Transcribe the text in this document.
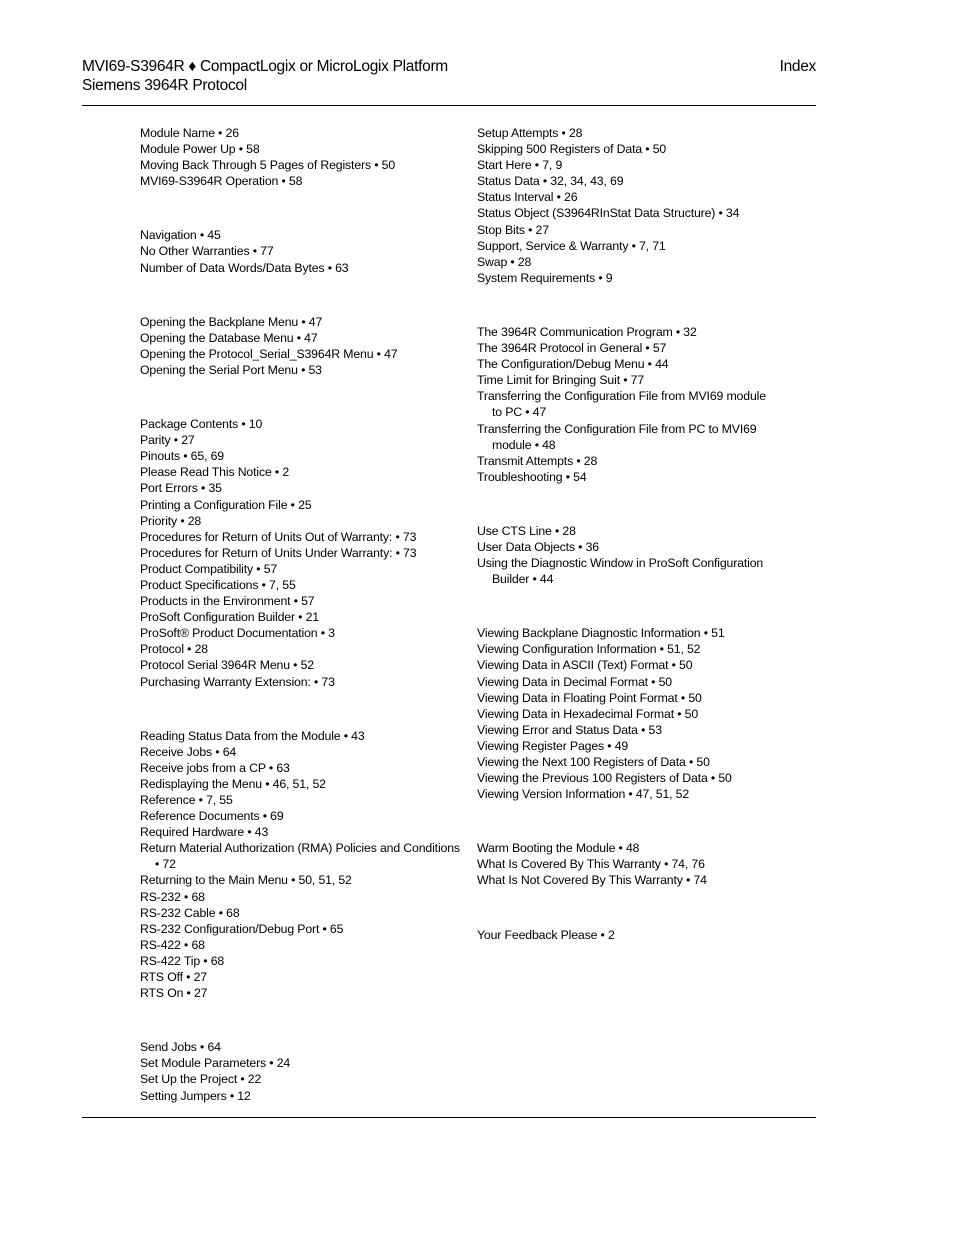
MVI69-S3964R ♦ CompactLogix or MicroLogix Platform
Siemens 3964R Protocol
Index
Module Name • 26
Module Power Up • 58
Moving Back Through 5 Pages of Registers • 50
MVI69-S3964R Operation • 58
Navigation • 45
No Other Warranties • 77
Number of Data Words/Data Bytes • 63
Opening the Backplane Menu • 47
Opening the Database Menu • 47
Opening the Protocol_Serial_S3964R Menu • 47
Opening the Serial Port Menu • 53
Package Contents • 10
Parity • 27
Pinouts • 65, 69
Please Read This Notice • 2
Port Errors • 35
Printing a Configuration File • 25
Priority • 28
Procedures for Return of Units Out of Warranty: • 73
Procedures for Return of Units Under Warranty: • 73
Product Compatibility • 57
Product Specifications • 7, 55
Products in the Environment • 57
ProSoft Configuration Builder • 21
ProSoft® Product Documentation • 3
Protocol • 28
Protocol Serial 3964R Menu • 52
Purchasing Warranty Extension: • 73
Reading Status Data from the Module • 43
Receive Jobs • 64
Receive jobs from a CP • 63
Redisplaying the Menu • 46, 51, 52
Reference • 7, 55
Reference Documents • 69
Required Hardware • 43
Return Material Authorization (RMA) Policies and Conditions • 72
Returning to the Main Menu • 50, 51, 52
RS-232 • 68
RS-232 Cable • 68
RS-232 Configuration/Debug Port • 65
RS-422 • 68
RS-422 Tip • 68
RTS Off • 27
RTS On • 27
Send Jobs • 64
Set Module Parameters • 24
Set Up the Project • 22
Setting Jumpers • 12
Setup Attempts • 28
Skipping 500 Registers of Data • 50
Start Here • 7, 9
Status Data • 32, 34, 43, 69
Status Interval • 26
Status Object (S3964RInStat Data Structure) • 34
Stop Bits • 27
Support, Service & Warranty • 7, 71
Swap • 28
System Requirements • 9
The 3964R Communication Program • 32
The 3964R Protocol in General • 57
The Configuration/Debug Menu • 44
Time Limit for Bringing Suit • 77
Transferring the Configuration File from MVI69 module to PC • 47
Transferring the Configuration File from PC to MVI69 module • 48
Transmit Attempts • 28
Troubleshooting • 54
Use CTS Line • 28
User Data Objects • 36
Using the Diagnostic Window in ProSoft Configuration Builder • 44
Viewing Backplane Diagnostic Information • 51
Viewing Configuration Information • 51, 52
Viewing Data in ASCII (Text) Format • 50
Viewing Data in Decimal Format • 50
Viewing Data in Floating Point Format • 50
Viewing Data in Hexadecimal Format • 50
Viewing Error and Status Data • 53
Viewing Register Pages • 49
Viewing the Next 100 Registers of Data • 50
Viewing the Previous 100 Registers of Data • 50
Viewing Version Information • 47, 51, 52
Warm Booting the Module • 48
What Is Covered By This Warranty • 74, 76
What Is Not Covered By This Warranty • 74
Your Feedback Please • 2
